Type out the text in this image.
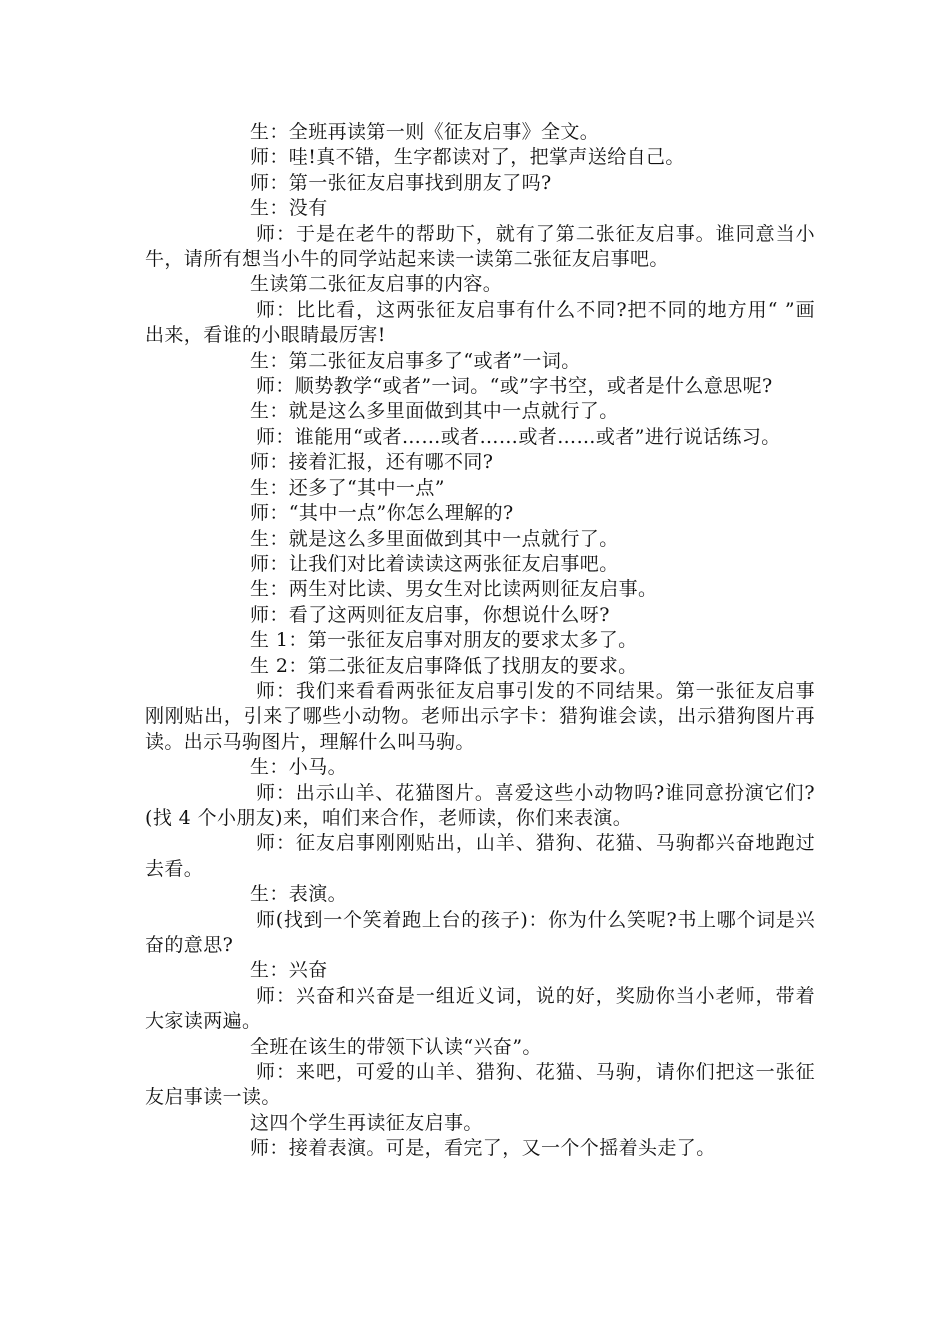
生：全班再读第一则《征友启事》全文。

师：哇!真不错，生字都读对了，把掌声送给自己。

师：第一张征友启事找到朋友了吗?

生：没有

师：于是在老牛的帮助下，就有了第二张征友启事。谁同意当小牛，请所有想当小牛的同学站起来读一读第二张征友启事吧。

生读第二张征友启事的内容。

师：比比看，这两张征友启事有什么不同?把不同的地方用“ ”画出来，看谁的小眼睛最厉害!

生：第二张征友启事多了“或者”一词。

师：顺势教学“或者”一词。“或”字书空，或者是什么意思呢?

生：就是这么多里面做到其中一点就行了。

师：谁能用“或者……或者……或者……或者”进行说话练习。

师：接着汇报，还有哪不同?

生：还多了“其中一点”

师：“其中一点”你怎么理解的?

生：就是这么多里面做到其中一点就行了。

师：让我们对比着读读这两张征友启事吧。

生：两生对比读、男女生对比读两则征友启事。

师：看了这两则征友启事，你想说什么呀?

生 1：第一张征友启事对朋友的要求太多了。

生 2：第二张征友启事降低了找朋友的要求。

师：我们来看看两张征友启事引发的不同结果。第一张征友启事刚刚贴出，引来了哪些小动物。老师出示字卡：猎狗谁会读，出示猎狗图片再读。出示马驹图片，理解什么叫马驹。

生：小马。

师：出示山羊、花猫图片。喜爱这些小动物吗?谁同意扮演它们?(找 4 个小朋友)来，咱们来合作，老师读，你们来表演。

师：征友启事刚刚贴出，山羊、猎狗、花猫、马驹都兴奋地跑过去看。

生：表演。

师(找到一个笑着跑上台的孩子)：你为什么笑呢?书上哪个词是兴奋的意思?

生：兴奋

师：兴奋和兴奋是一组近义词，说的好，奖励你当小老师，带着大家读两遍。

全班在该生的带领下认读“兴奋”。

师：来吧，可爱的山羊、猎狗、花猫、马驹，请你们把这一张征友启事读一读。

这四个学生再读征友启事。

师：接着表演。可是，看完了，又一个个摇着头走了。
